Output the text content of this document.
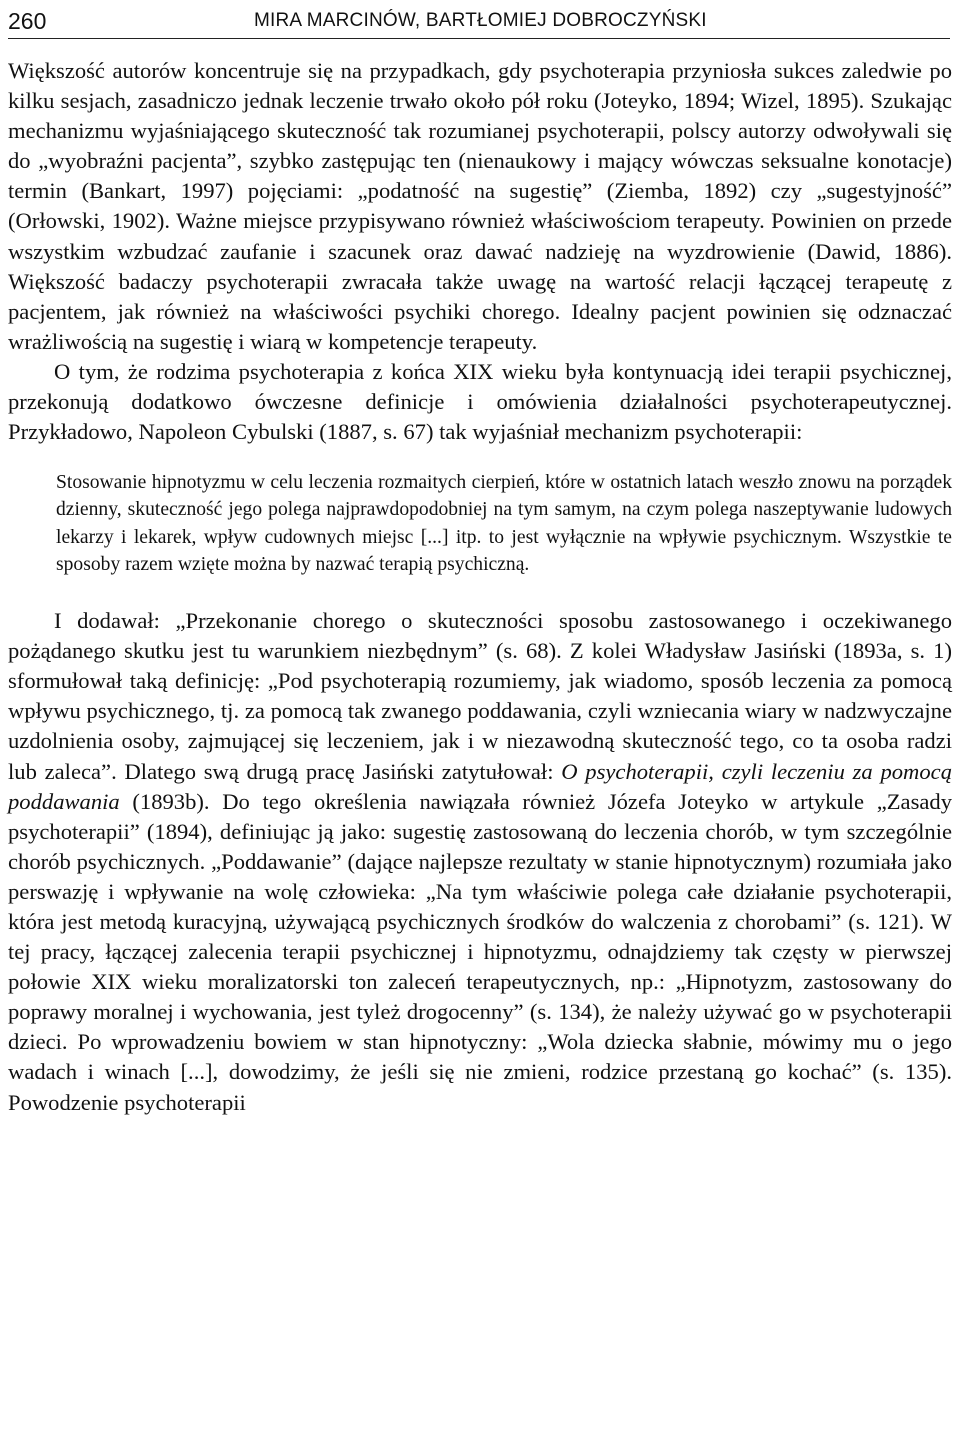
260	MIRA MARCINÓW, BARTŁOMIEJ DOBROCZYŃSKI

Większość autorów koncentruje się na przypadkach, gdy psychoterapia przyniosła sukces zaledwie po kilku sesjach, zasadniczo jednak leczenie trwało około pół roku (Joteyko, 1894; Wizel, 1895). Szukając mechanizmu wyjaśniającego skuteczność tak rozumianej psychoterapii, polscy autorzy odwoływali się do „wyobraźni pacjenta”, szybko zastępując ten (nienaukowy i mający wówczas seksualne konotacje) termin (Bankart, 1997) pojęciami: „podatność na sugestię” (Ziemba, 1892) czy „sugestyjność” (Orłowski, 1902). Ważne miejsce przypisywano również właściwościom terapeuty. Powinien on przede wszystkim wzbudzać zaufanie i szacunek oraz dawać nadzieję na wyzdrowienie (Dawid, 1886). Większość badaczy psychoterapii zwracała także uwagę na wartość relacji łączącej terapeutę z pacjentem, jak również na właściwości psychiki chorego. Idealny pacjent powinien się odznaczać wrażliwością na sugestię i wiarą w kompetencje terapeuty.

O tym, że rodzima psychoterapia z końca XIX wieku była kontynuacją idei terapii psychicznej, przekonują dodatkowo ówczesne definicje i omówienia działalności psychoterapeutycznej. Przykładowo, Napoleon Cybulski (1887, s. 67) tak wyjaśniał mechanizm psychoterapii:

Stosowanie hipnotyzmu w celu leczenia rozmaitych cierpień, które w ostatnich latach weszło znowu na porządek dzienny, skuteczność jego polega najprawdopodobniej na tym samym, na czym polega naszeptywanie ludowych lekarzy i lekarek, wpływ cudownych miejsc [...] itp. to jest wyłącznie na wpływie psychicznym. Wszystkie te sposoby razem wzięte można by nazwać terapią psychiczną.

I dodawał: „Przekonanie chorego o skuteczności sposobu zastosowanego i oczekiwanego pożądanego skutku jest tu warunkiem niezbędnym” (s. 68). Z kolei Władysław Jasiński (1893a, s. 1) sformułował taką definicję: „Pod psychoterapią rozumiemy, jak wiadomo, sposób leczenia za pomocą wpływu psychicznego, tj. za pomocą tak zwanego poddawania, czyli wzniecania wiary w nadzwyczajne uzdolnienia osoby, zajmującej się leczeniem, jak i w niezawodną skuteczność tego, co ta osoba radzi lub zaleca”. Dlatego swą drugą pracę Jasiński zatytułował: O psychoterapii, czyli leczeniu za pomocą poddawania (1893b). Do tego określenia nawiązała również Józefa Joteyko w artykule „Zasady psychoterapii” (1894), definiując ją jako: sugestię zastosowaną do leczenia chorób, w tym szczególnie chorób psychicznych. „Poddawanie” (dające najlepsze rezultaty w stanie hipnotycznym) rozumiała jako perswazję i wpływanie na wolę człowieka: „Na tym właściwie polega całe działanie psychoterapii, która jest metodą kuracyjną, używającą psychicznych środków do walczenia z chorobami” (s. 121). W tej pracy, łączącej zalecenia terapii psychicznej i hipnotyzmu, odnajdziemy tak częsty w pierwszej połowie XIX wieku moralizatorski ton zaleceń terapeutycznych, np.: „Hipnotyzm, zastosowany do poprawy moralnej i wychowania, jest tyleż drogocenny” (s. 134), że należy używać go w psychoterapii dzieci. Po wprowadzeniu bowiem w stan hipnotyczny: „Wola dziecka słabnie, mówimy mu o jego wadach i winach [...], dowodzimy, że jeśli się nie zmieni, rodzice przestaną go kochać” (s. 135). Powodzenie psychoterapii
